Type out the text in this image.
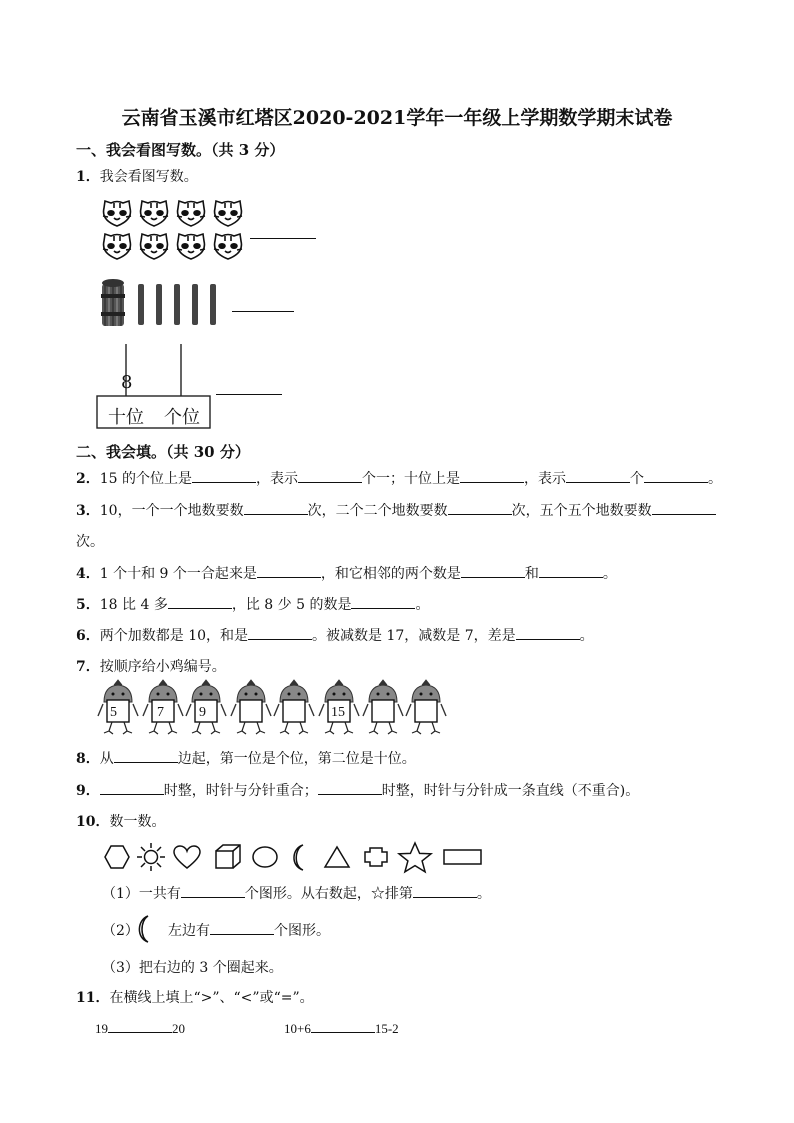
云南省玉溪市红塔区2020-2021学年一年级上学期数学期末试卷
一、我会看图写数。（共 3 分）
1．我会看图写数。
8
十位 个位
二、我会填。（共 30 分）
2．15 的个位上是	，表示	个一；十位上是	，表示	个	。
3．10，一个一个地数要数	次，二个二个地数要数	次，五个五个地数要数
次。
4．1 个十和 9 个一合起来是	，和它相邻的两个数是	和	。
5．18 比 4 多	，比 8 少 5 的数是	。
6．两个加数都是 10，和是	。被减数是 17，减数是 7，差是	。
7．按顺序给小鸡编号。
5	7	9	15
8．从	边起，第一位是个位，第二位是十位。
9．	时整，时针与分针重合；	时整，时针与分针成一条直线（不重合)。
10．数一数。
（1）一共有	个图形。从右数起，☆排第	。
（2） 左边有	个图形。
（3）把右边的 3 个圈起来。
11．在横线上填上“>”、“<”或“=”。
19	20	10+6	15-2
